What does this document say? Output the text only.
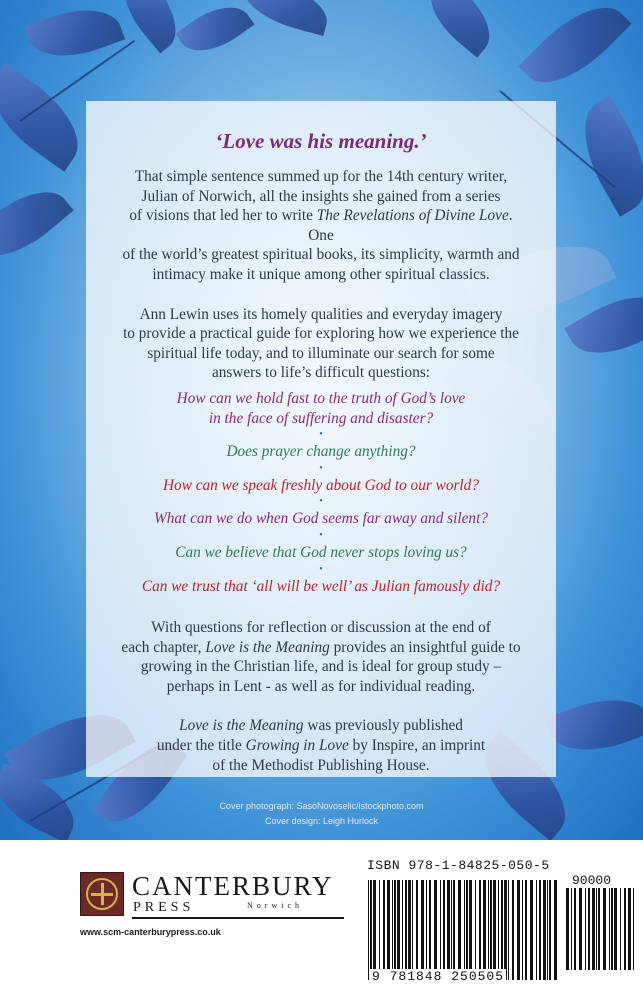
‘Love was his meaning.’

That simple sentence summed up for the 14th century writer,
Julian of Norwich, all the insights she gained from a series
of visions that led her to write The Revelations of Divine Love. One
of the world’s greatest spiritual books, its simplicity, warmth and
intimacy make it unique among other spiritual classics.

Ann Lewin uses its homely qualities and everyday imagery
to provide a practical guide for exploring how we experience the
spiritual life today, and to illuminate our search for some
answers to life’s difficult questions:

How can we hold fast to the truth of God’s love
in the face of suffering and disaster?

•

Does prayer change anything?

•

How can we speak freshly about God to our world?

•

What can we do when God seems far away and silent?

•

Can we believe that God never stops loving us?

•

Can we trust that ‘all will be well’ as Julian famously did?

With questions for reflection or discussion at the end of
each chapter, Love is the Meaning provides an insightful guide to
growing in the Christian life, and is ideal for group study –
perhaps in Lent - as well as for individual reading.

Love is the Meaning was previously published
under the title Growing in Love by Inspire, an imprint
of the Methodist Publishing House.

Cover photograph: SasoNovoselic/istockphoto.com
Cover design: Leigh Hurlock
CANTERBURY
PRESS	Norwich
www.scm-canterburypress.co.uk
ISBN 978-1-84825-050-5
90000
9 781848 250505
